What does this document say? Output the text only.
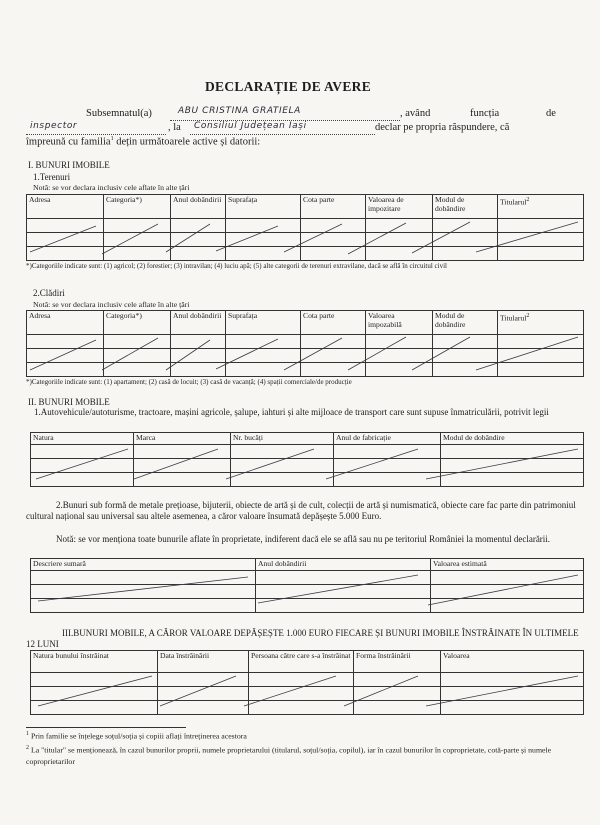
DECLARAȚIE DE AVERE
Subsemnatul(a)	ABU CRISTINA GRATIELA	, având	funcția	de
inspector	, la Consiliul Județean Iași	declar pe propria răspundere, că
împreună cu familia$^1$ dețin următoarele active și datorii:
I. BUNURI IMOBILE
1.Terenuri
Notă: se vor declara inclusiv cele aflate în alte țări
Adresa	Categoria*)	Anul dobândirii	Suprafața	Cota parte	Valoarea de impozitare	Modul de dobândire	Titularul$^2$

*)Categoriile indicate sunt: (1) agricol; (2) forestier; (3) intravilan; (4) luciu apă; (5) alte categorii de terenuri extravilane, dacă se află în circuitul civil
2.Clădiri
Notă: se vor declara inclusiv cele aflate în alte țări
Adresa	Categoria*)	Anul dobândirii	Suprafața	Cota parte	Valoarea impozabilă	Modul de dobândire	Titularul$^2$

*)Categoriile indicate sunt: (1) apartament; (2) casă de locuit; (3) casă de vacanță; (4) spații comerciale/de producție
II. BUNURI MOBILE
1.Autovehicule/autoturisme, tractoare, mașini agricole, șalupe, iahturi și alte mijloace de transport care sunt supuse înmatriculării, potrivit legii
Natura	Marca	Nr. bucăți	Anul de fabricație	Modul de dobândire

2.Bunuri sub formă de metale prețioase, bijuterii, obiecte de artă și de cult, colecții de artă și numismatică, obiecte care fac parte din patrimoniul cultural național sau universal sau altele asemenea, a căror valoare însumată depășește 5.000 Euro.
Notă: se vor menționa toate bunurile aflate în proprietate, indiferent dacă ele se află sau nu pe teritoriul României la momentul declarării.
Descriere sumară	Anul dobândirii	Valoarea estimată

III.BUNURI MOBILE, A CĂROR VALOARE DEPĂȘEȘTE 1.000 EURO FIECARE ȘI BUNURI IMOBILE ÎNSTRĂINATE ÎN ULTIMELE 12 LUNI
Natura bunului înstrăinat	Data înstrăinării	Persoana către care s-a înstrăinat	Forma înstrăinării	Valoarea

$^1$ Prin familie se înțelege soțul/soția și copiii aflați întreținerea acestora
$^2$ La "titular" se menționează, în cazul bunurilor proprii, numele proprietarului (titularul, soțul/soția, copilul), iar în cazul bunurilor în coproprietate, cotă-parte și numele coproprietarilor
